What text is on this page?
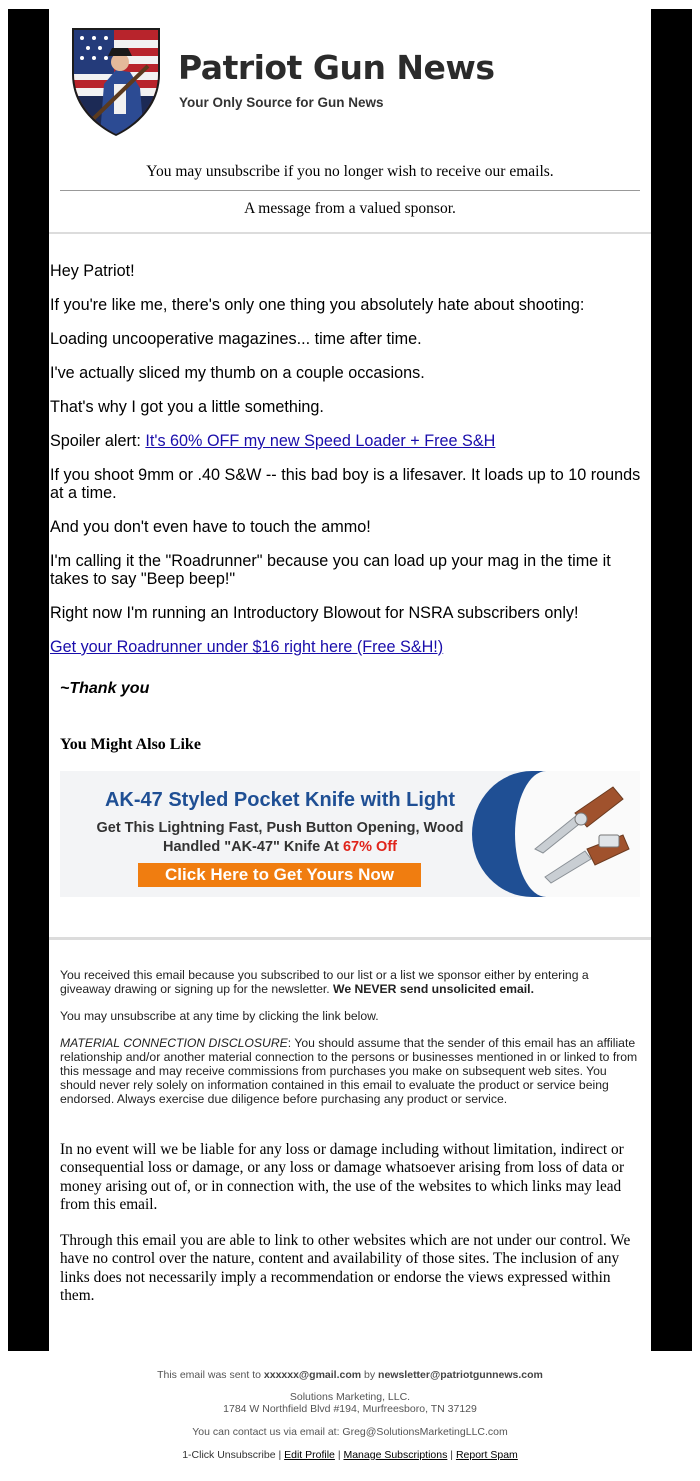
Patriot Gun News
Your Only Source for Gun News
You may unsubscribe if you no longer wish to receive our emails.
A message from a valued sponsor.

Hey Patriot!

If you're like me, there's only one thing you absolutely hate about shooting:

Loading uncooperative magazines... time after time.

I've actually sliced my thumb on a couple occasions.

That's why I got you a little something.

Spoiler alert: It's 60% OFF my new Speed Loader + Free S&H

If you shoot 9mm or .40 S&W -- this bad boy is a lifesaver. It loads up to 10 rounds at a time.

And you don't even have to touch the ammo!

I'm calling it the "Roadrunner" because you can load up your mag in the time it takes to say "Beep beep!"

Right now I'm running an Introductory Blowout for NSRA subscribers only!

Get your Roadrunner under $16 right here (Free S&H!)

~Thank you
You Might Also Like
AK-47 Styled Pocket Knife with Light
Get This Lightning Fast, Push Button Opening, Wood
Handled "AK-47" Knife At 67% Off
Click Here to Get Yours Now

You received this email because you subscribed to our list or a list we sponsor either by entering a giveaway drawing or signing up for the newsletter. We NEVER send unsolicited email.

You may unsubscribe at any time by clicking the link below.

MATERIAL CONNECTION DISCLOSURE: You should assume that the sender of this email has an affiliate relationship and/or another material connection to the persons or businesses mentioned in or linked to from this message and may receive commissions from purchases you make on subsequent web sites. You should never rely solely on information contained in this email to evaluate the product or service being endorsed. Always exercise due diligence before purchasing any product or service.

In no event will we be liable for any loss or damage including without limitation, indirect or consequential loss or damage, or any loss or damage whatsoever arising from loss of data or money arising out of, or in connection with, the use of the websites to which links may lead from this email.

Through this email you are able to link to other websites which are not under our control. We have no control over the nature, content and availability of those sites. The inclusion of any links does not necessarily imply a recommendation or endorse the views expressed within them.

This email was sent to xxxxxx@gmail.com by newsletter@patriotgunnews.com
Solutions Marketing, LLC.
1784 W Northfield Blvd #194, Murfreesboro, TN 37129
You can contact us via email at: Greg@SolutionsMarketingLLC.com
1-Click Unsubscribe | Edit Profile | Manage Subscriptions | Report Spam
